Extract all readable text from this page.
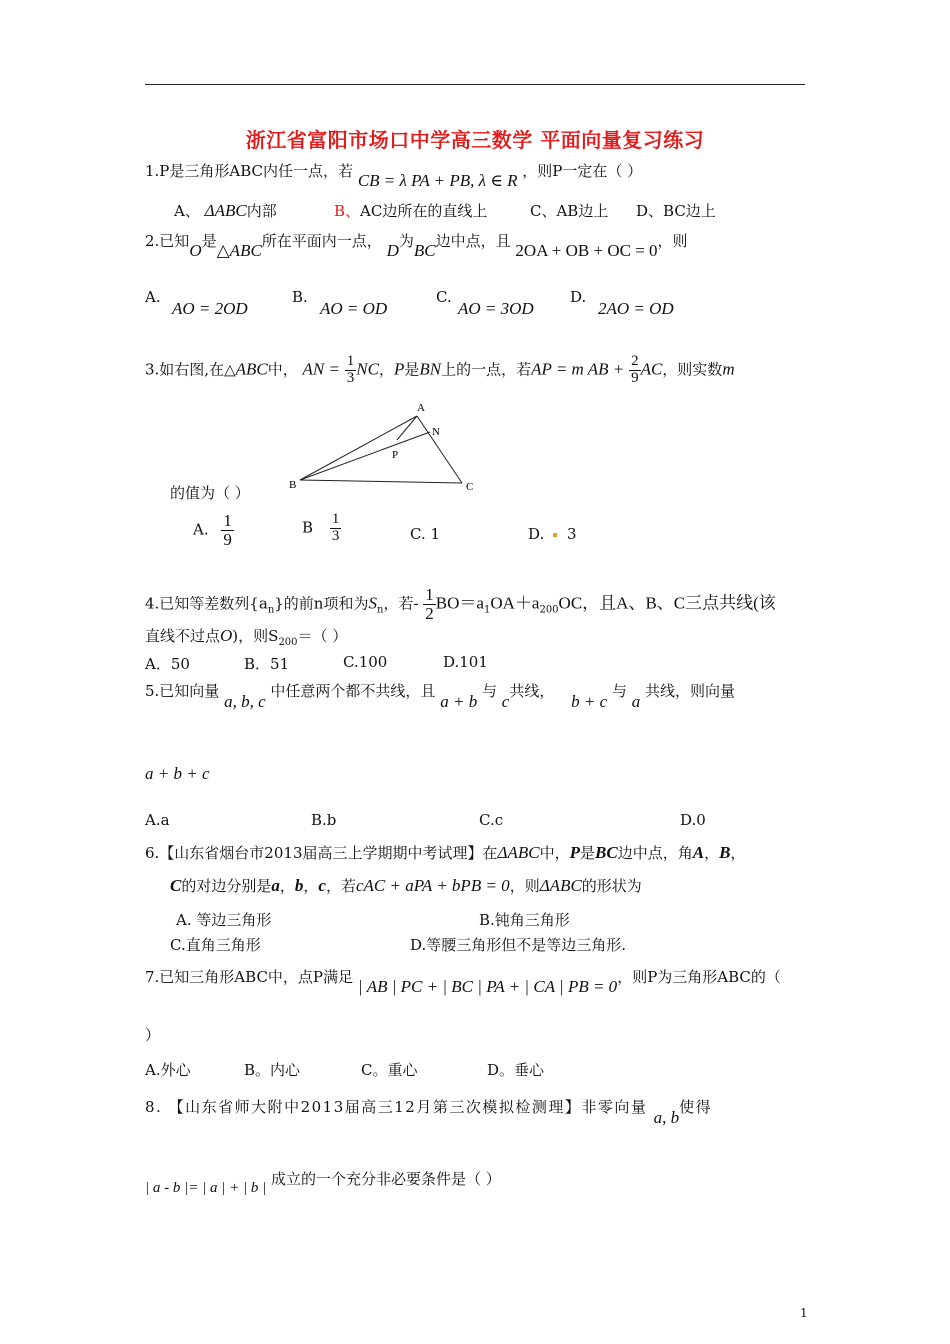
浙江省富阳市场口中学高三数学 平面向量复习练习
1.P是三角形ABC内任一点，若 CB = λ PA + PB, λ ∈ R ，则P一定在（ ）
A、 ΔABC内部	B、AC边所在的直线上	C、AB边上 D、BC边上
2.已知O是△ABC所在平面内一点， D为BC边中点，且 2OA + OB + OC = 0，则
A.
AO = 2OD
B.
AO = OD
C.
AO = 3OD
D.
2AO = OD
3.如右图,在△ABC中， AN = $\frac{1}{3}$ NC，P是BN上的一点，若AP = m AB + $\frac{2}{9}$ AC，则实数m
A
N
P
B	C
的值为（ ）
A. $\frac{1}{9}$	B $\frac{1}{3}$	C. 1	D. 3
4.已知等差数列$\{a_n\}$的前n项和为$S_n$，若- $\frac{1}{2} BO=a_1OA+a_{200}OC$，且A、B、C三点共线(该
直线不过点O)，则$S_{200}=$（ ）
A．50	B．51	C.100	D.101
5.已知向量 a, b, c 中任意两个都不共线，且 a + b 与 c共线， b + c 与 a 共线，则向量
a + b + c
A.a	B.b	C.c	D.0
6.【山东省烟台市2013届高三上学期期中考试理】在ΔABC中，P是BC边中点，角A，B，
C的对边分别是a，b，c，若cAC + aPA + bPB = 0，则ΔABC的形状为
A. 等边三角形	B.钝角三角形
C.直角三角形	D.等腰三角形但不是等边三角形.
7.已知三角形ABC中，点P满足 | AB | PC + | BC | PA + | CA | PB = 0，则P为三角形ABC的（
）
A.外心	B。内心	C。重心	D。垂心
8. 【山东省师大附中2013届高三12月第三次模拟检测理】非零向量 a, b使得
| a - b |= | a | + | b | 成立的一个充分非必要条件是（ ）
1
